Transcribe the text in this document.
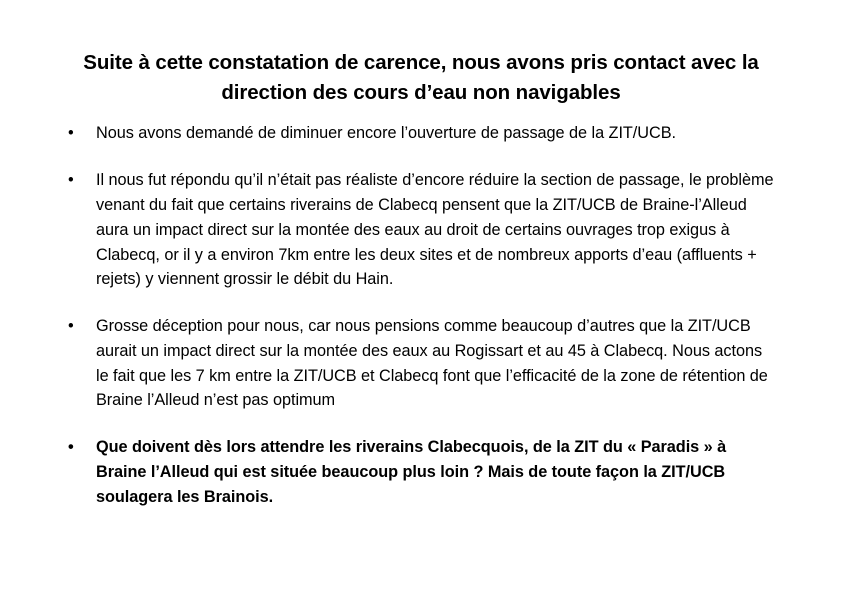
Suite à cette constatation de carence, nous avons pris contact avec la direction des cours d’eau non navigables
• Nous avons demandé de diminuer encore l’ouverture de passage de la ZIT/UCB.
• Il nous fut répondu qu’il n’était pas réaliste d’encore réduire la section de passage, le problème venant du fait que certains riverains de Clabecq pensent que la ZIT/UCB de Braine-l’Alleud aura un impact direct sur la montée des eaux au droit de certains ouvrages trop exigus à Clabecq, or il y a environ 7km entre les deux sites et de nombreux apports d’eau (affluents + rejets) y viennent grossir le débit du Hain.
• Grosse déception pour nous, car nous pensions comme beaucoup d’autres que la ZIT/UCB aurait un impact direct sur la montée des eaux au Rogissart et au 45 à Clabecq. Nous actons le fait que les 7 km entre la ZIT/UCB et Clabecq font que l’efficacité de la zone de rétention de Braine l’Alleud n’est pas optimum
• Que doivent dès lors attendre les riverains Clabecquois, de la ZIT du « Paradis » à Braine l’Alleud qui est située beaucoup plus loin ? Mais de toute façon la ZIT/UCB soulagera les Brainois.
